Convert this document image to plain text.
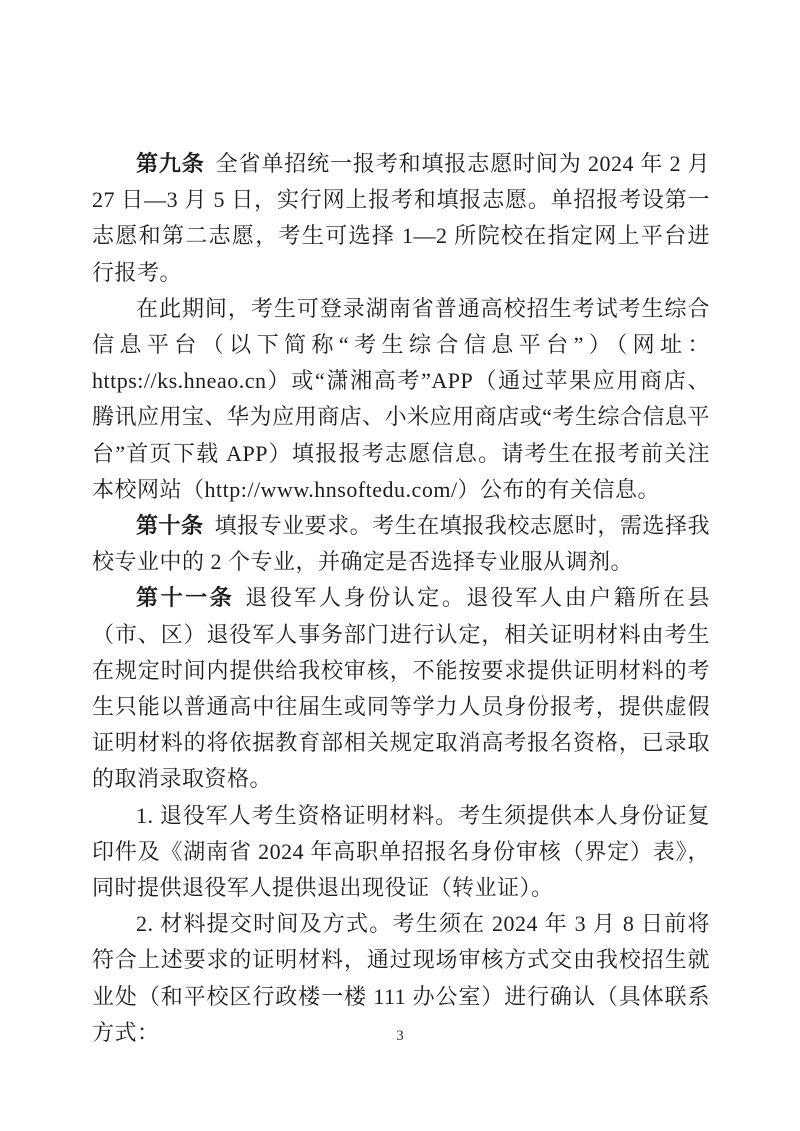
第九条 全省单招统一报考和填报志愿时间为 2024 年 2 月 27 日—3 月 5 日，实行网上报考和填报志愿。单招报考设第一志愿和第二志愿，考生可选择 1—2 所院校在指定网上平台进行报考。

在此期间，考生可登录湖南省普通高校招生考试考生综合信息平台（以下简称“考生综合信息平台”）（网址：https://ks.hneao.cn）或“潇湘高考”APP（通过苹果应用商店、腾讯应用宝、华为应用商店、小米应用商店或“考生综合信息平台”首页下载 APP）填报报考志愿信息。请考生在报考前关注本校网站（http://www.hnsoftedu.com/）公布的有关信息。

第十条 填报专业要求。考生在填报我校志愿时，需选择我校专业中的 2 个专业，并确定是否选择专业服从调剂。

第十一条 退役军人身份认定。退役军人由户籍所在县（市、区）退役军人事务部门进行认定，相关证明材料由考生在规定时间内提供给我校审核，不能按要求提供证明材料的考生只能以普通高中往届生或同等学力人员身份报考，提供虚假证明材料的将依据教育部相关规定取消高考报名资格，已录取的取消录取资格。

1. 退役军人考生资格证明材料。考生须提供本人身份证复印件及《湖南省 2024 年高职单招报名身份审核（界定）表》，同时提供退役军人提供退出现役证（转业证）。

2. 材料提交时间及方式。考生须在 2024 年 3 月 8 日前将符合上述要求的证明材料，通过现场审核方式交由我校招生就业处（和平校区行政楼一楼 111 办公室）进行确认（具体联系方式：	3
